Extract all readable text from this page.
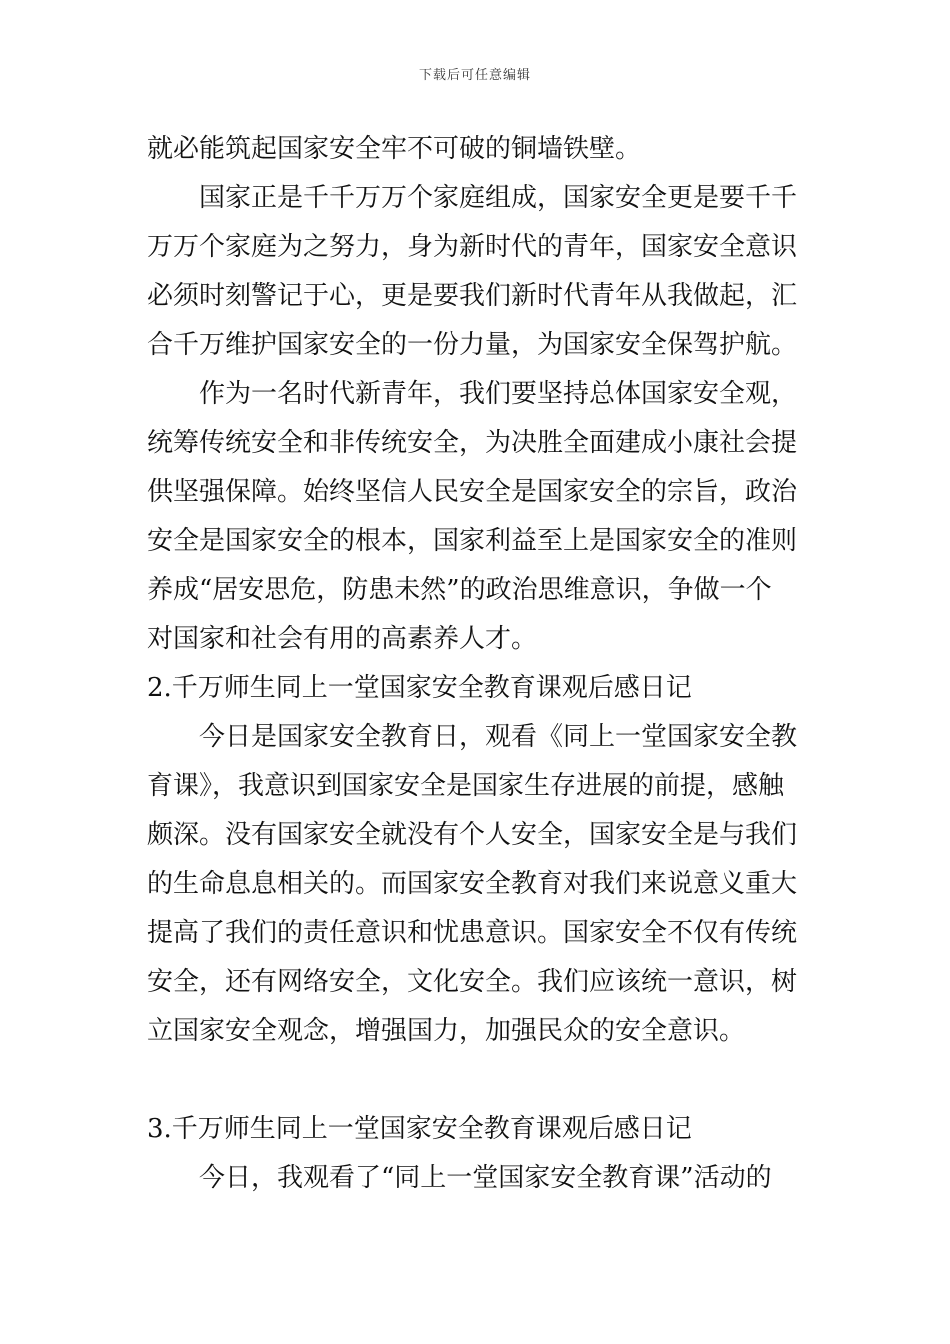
下载后可任意编辑
就必能筑起国家安全牢不可破的铜墙铁壁。
国家正是千千万万个家庭组成，国家安全更是要千千
万万个家庭为之努力，身为新时代的青年，国家安全意识
必须时刻警记于心，更是要我们新时代青年从我做起，汇
合千万维护国家安全的一份力量，为国家安全保驾护航。
作为一名时代新青年，我们要坚持总体国家安全观，
统筹传统安全和非传统安全，为决胜全面建成小康社会提
供坚强保障。始终坚信人民安全是国家安全的宗旨，政治
安全是国家安全的根本，国家利益至上是国家安全的准则
养成“居安思危，防患未然”的政治思维意识，争做一个
对国家和社会有用的高素养人才。
2.千万师生同上一堂国家安全教育课观后感日记
今日是国家安全教育日，观看《同上一堂国家安全教
育课》，我意识到国家安全是国家生存进展的前提，感触
颇深。没有国家安全就没有个人安全，国家安全是与我们
的生命息息相关的。而国家安全教育对我们来说意义重大
提高了我们的责任意识和忧患意识。国家安全不仅有传统
安全，还有网络安全，文化安全。我们应该统一意识，树
立国家安全观念，增强国力，加强民众的安全意识。
3.千万师生同上一堂国家安全教育课观后感日记
今日，我观看了“同上一堂国家安全教育课”活动的
